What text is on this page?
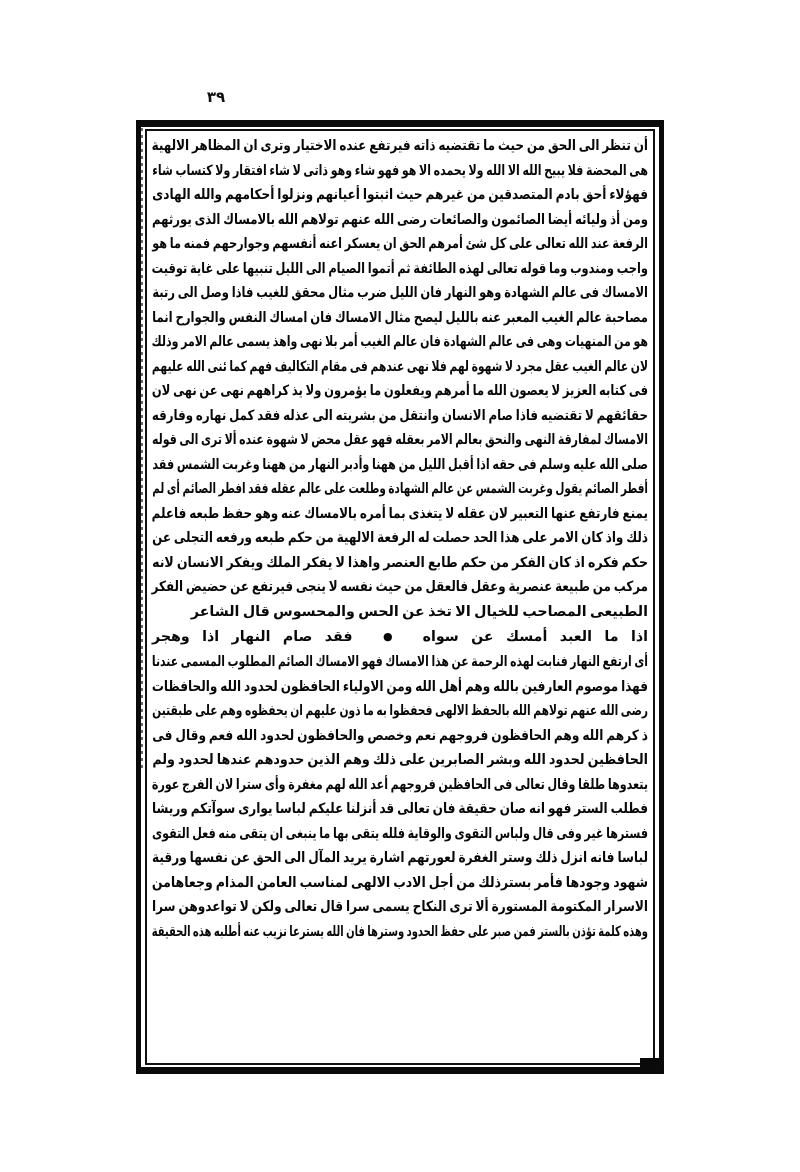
٣٩
أن تنظر الى الحق من حيث ما تقتضيه ذاته فيرتفع عنده الاختيار وترى ان المظاهر الالهية
هى المحضة فلا يبيح الله الا الله ولا يحمده الا هو فهو شاء وهو ذاتى لا شاء افتقار ولا كتساب شاء
فهؤلاء أحق بادم المتصدقين من غيرهم حيث اثبتوا أعيانهم ونزلوا أحكامهم والله الهادى
ومن أذ وليائه أيضا الصائمون والصائعات رضى الله عنهم تولاهم الله بالامساك الذى يورثهم
الرفعة عند الله تعالى على كل شئ أمرهم الحق ان يعسكر اعنه أنفسهم وجوارحهم فمنه ما هو
واجب ومندوب وما قوله تعالى لهذه الطائفة ثم أتموا الصيام الى الليل تنبيها على غاية توقيت
الامساك فى عالم الشهادة وهو النهار فان الليل ضرب مثال محقق للغيب فاذا وصل الى رتبة
مصاحبة عالم الغيب المعبر عنه بالليل ليصح مثال الامساك فان امساك النفس والجوارح انما
هو من المنهيات وهى فى عالم الشهادة فان عالم الغيب أمر بلا نهى واهذ يسمى عالم الامر وذلك
لان عالم الغيب عقل مجرد لا شهوة لهم فلا نهى عندهم فى مقام التكاليف فهم كما ئنى الله عليهم
فى كتابه العزيز لا يعصون الله ما أمرهم ويفعلون ما يؤمرون ولا يذ كراههم نهى عن نهى لان
حقائقهم لا تقتضيه فاذا صام الانسان وانتقل من بشريته الى عذله فقد كمل نهاره وفارقه
الامساك لمفارقة النهى والنحق بعالم الامر بعقله فهو عقل محض لا شهوة عنده ألا ترى الى قوله
صلى الله عليه وسلم فى حقه اذا أقبل الليل من ههنا وأدبر النهار من ههنا وغربت الشمس فقد
أفطر الصائم يقول وغربت الشمس عن عالم الشهادة وطلعت على عالم عقله فقد افطر الصائم أى لم
يمنع فارتفع عنها التعبير لان عقله لا يتغذى بما أمره بالامساك عنه وهو حفظ طبعه فاعلم
ذلك واذ كان الامر على هذا الحد حصلت له الرفعة الالهية من حكم طبعه ورفعه التجلى عن
حكم فكره اذ كان الفكر من حكم طابع العنصر واهذا لا يفكر الملك ويفكر الانسان لانه
مركب من طبيعة عنصرية وعقل فالعقل من حيث نفسه لا ينجى فيرتفع عن حضيض الفكر
الطبيعى المصاحب للخيال الا تخذ عن الحس والمحسوس قال الشاعر
اذا ما العبد أمسك عن سواه ● فقد صام النهار اذا وهجر
أى ارتفع النهار فنابت لهذه الرحمة عن هذا الامساك فهو الامساك الصائم المطلوب المسمى عندنا
فهذا موصوم العارفين بالله وهم أهل الله ومن الاولياء الحافظون لحدود الله والحافظات
رضى الله عنهم تولاهم الله بالحفظ الالهى فحفظوا به ما ذون عليهم ان يحفظوه وهم على طبقتين
ذ كرهم الله وهم الحافظون فروجهم نعم وخصص والحافظون لحدود الله فعم وقال فى
الحافظين لحدود الله وبشر الصابرين على ذلك وهم الذين حدودهم عندها لحدود ولم
يتعدوها طلقا وقال تعالى فى الحافظين فروجهم أعد الله لهم مغفرة وأى سترا لان الفرج عورة
فطلب الستر فهو انه صان حقيقة فان تعالى قد أنزلنا عليكم لباسا يوارى سوآتكم وريشا
فسترها غير وفى قال ولباس التقوى والوقاية فلله يتقى بها ما ينبغى ان يتقى منه فعل التقوى
لباسا فانه انزل ذلك وستر الغفرة لعورتهم اشارة يريد المآل الى الحق عن نفسها ورقية
شهود وجودها فأمر بسترذلك من أجل الادب الالهى لمناسب العامن المذام وجعاهامن
الاسرار المكتومة المستورة ألا ترى النكاح يسمى سرا قال تعالى ولكن لا تواعدوهن سرا
وهذه كلمة تؤذن بالستر فمن صبر على حفظ الحدود وسترها فان الله يسترعا نزيب عنه أطلبه هذه الحقيقة
و
